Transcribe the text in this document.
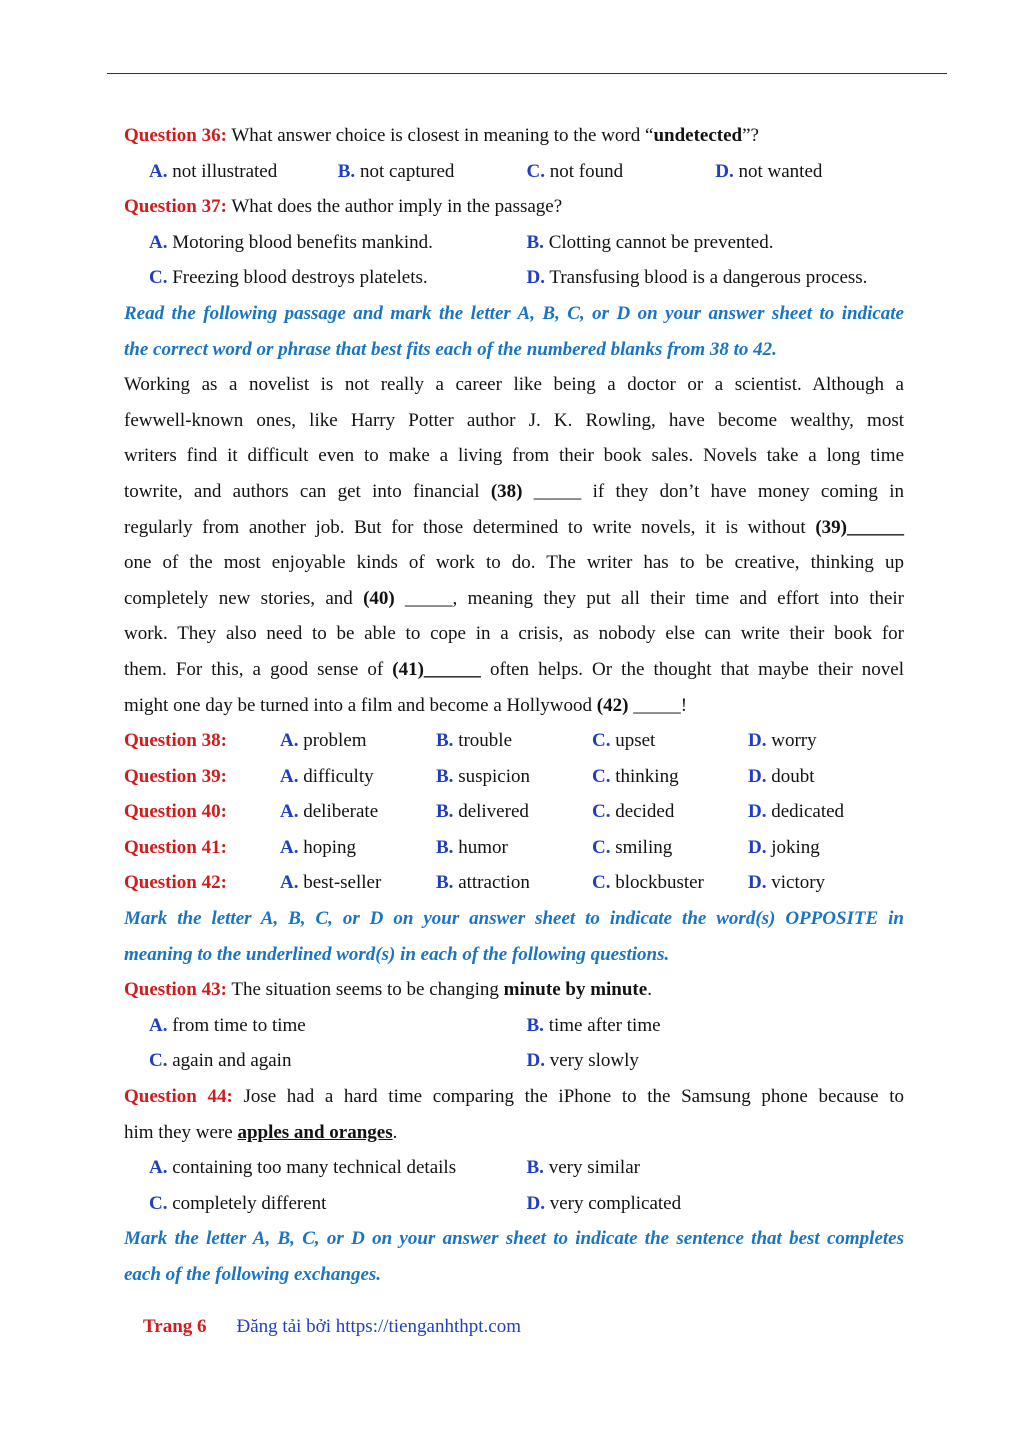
Question 36: What answer choice is closest in meaning to the word “undetected”?
A. not illustrated	B. not captured	C. not found	D. not wanted
Question 37: What does the author imply in the passage?
A. Motoring blood benefits mankind.	B. Clotting cannot be prevented.
C. Freezing blood destroys platelets.	D. Transfusing blood is a dangerous process.
Read the following passage and mark the letter A, B, C, or D on your answer sheet to indicate
the correct word or phrase that best fits each of the numbered blanks from 38 to 42.
Working as a novelist is not really a career like being a doctor or a scientist. Although a
fewwell-known ones, like Harry Potter author J. K. Rowling, have become wealthy, most
writers find it difficult even to make a living from their book sales. Novels take a long time
towrite, and authors can get into financial (38) _____ if they don’t have money coming in
regularly from another job. But for those determined to write novels, it is without (39)______
one of the most enjoyable kinds of work to do. The writer has to be creative, thinking up
completely new stories, and (40) _____, meaning they put all their time and effort into their
work. They also need to be able to cope in a crisis, as nobody else can write their book for
them. For this, a good sense of (41)______ often helps. Or the thought that maybe their novel
might one day be turned into a film and become a Hollywood (42) _____!
Question 38:	A. problem	B. trouble	C. upset	D. worry
Question 39:	A. difficulty	B. suspicion	C. thinking	D. doubt
Question 40:	A. deliberate	B. delivered	C. decided	D. dedicated
Question 41:	A. hoping	B. humor	C. smiling	D. joking
Question 42:	A. best-seller	B. attraction	C. blockbuster	D. victory
Mark the letter A, B, C, or D on your answer sheet to indicate the word(s) OPPOSITE in
meaning to the underlined word(s) in each of the following questions.
Question 43: The situation seems to be changing minute by minute.
A. from time to time	B. time after time
C. again and again	D. very slowly
Question 44: Jose had a hard time comparing the iPhone to the Samsung phone because to
him they were apples and oranges.
A. containing too many technical details	B. very similar
C. completely different	D. very complicated
Mark the letter A, B, C, or D on your answer sheet to indicate the sentence that best completes
each of the following exchanges.
Trang 6 Đăng tải bởi https://tienganhthpt.com
